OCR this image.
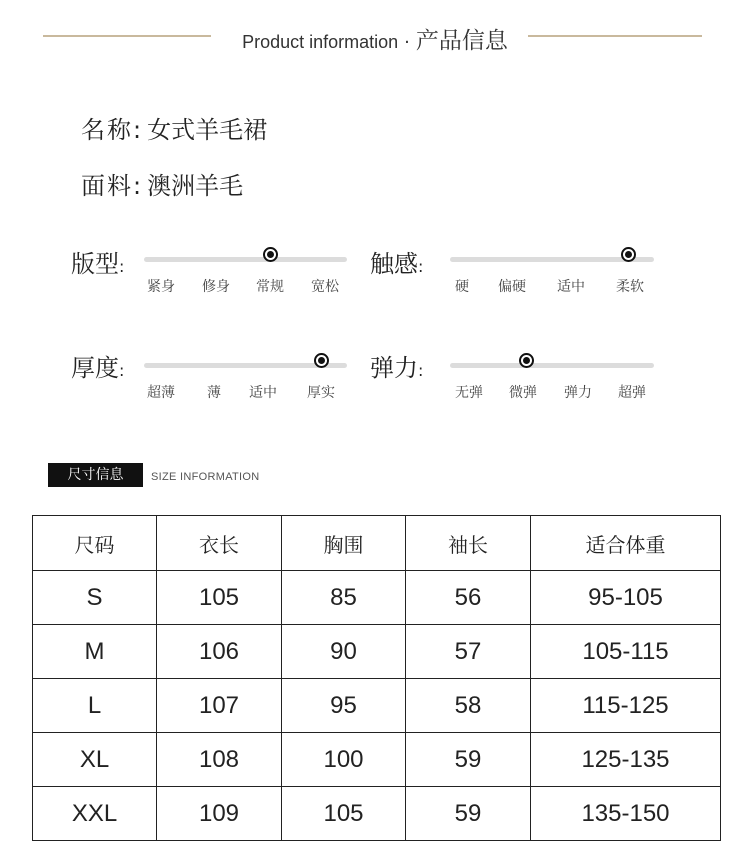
Product information · 产品信息
名称: 女式羊毛裙
面料: 澳洲羊毛
版型:
紧身 修身 常规 宽松
触感:
硬 偏硬 适中 柔软
厚度:
超薄 薄 适中 厚实
弹力:
无弹 微弹 弹力 超弹
尺寸信息	SIZE INFORMATION
尺码	衣长	胸围	袖长	适合体重
S	105	85	56	95-105
M	106	90	57	105-115
L	107	95	58	115-125
XL	108	100	59	125-135
XXL	109	105	59	135-150
